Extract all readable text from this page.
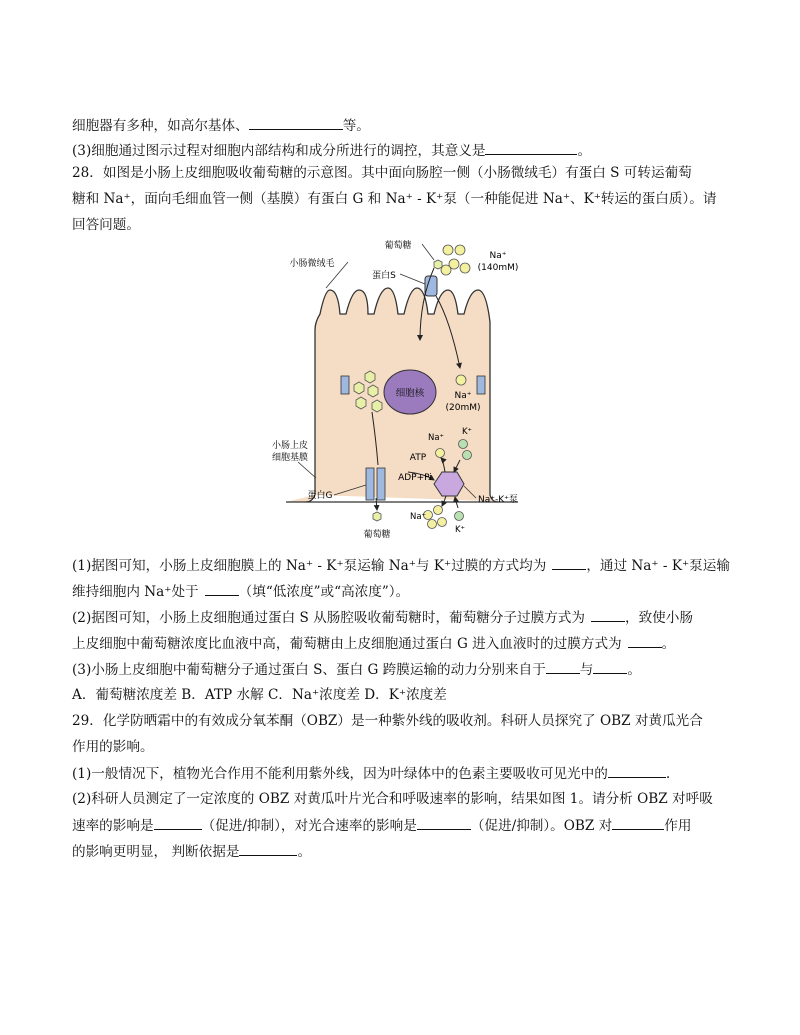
细胞器有多种，如高尔基体、	等。
(3)细胞通过图示过程对细胞内部结构和成分所进行的调控，其意义是	。
28．如图是小肠上皮细胞吸收葡萄糖的示意图。其中面向肠腔一侧（小肠微绒毛）有蛋白 S 可转运葡萄
糖和 Na⁺，面向毛细血管一侧（基膜）有蛋白 G 和 Na⁺ - K⁺泵（一种能促进 Na⁺、K⁺转运的蛋白质）。请
回答问题。
细胞核
葡萄糖
小肠微绒毛
蛋白S
Na⁺
(140mM)
Na⁺
(20mM)
小肠上皮
细胞基膜
Na⁺
K⁺
ATP
ADP+Pi
蛋白G	Na⁺-K⁺泵
葡萄糖
Na⁺
K⁺
(1)据图可知，小肠上皮细胞膜上的 Na⁺ - K⁺泵运输 Na⁺与 K⁺过膜的方式均为	，通过 Na⁺ - K⁺泵运输
维持细胞内 Na⁺处于	（填“低浓度”或“高浓度”）。
(2)据图可知，小肠上皮细胞通过蛋白 S 从肠腔吸收葡萄糖时，葡萄糖分子过膜方式为	，致使小肠
上皮细胞中葡萄糖浓度比血液中高，葡萄糖由上皮细胞通过蛋白 G 进入血液时的过膜方式为	。
(3)小肠上皮细胞中葡萄糖分子通过蛋白 S、蛋白 G 跨膜运输的动力分别来自于	与	。
A．葡萄糖浓度差 B．ATP 水解 C．Na⁺浓度差 D．K⁺浓度差
29．化学防晒霜中的有效成分氧苯酮（OBZ）是一种紫外线的吸收剂。科研人员探究了 OBZ 对黄瓜光合
作用的影响。
(1)一般情况下，植物光合作用不能利用紫外线，因为叶绿体中的色素主要吸收可见光中的	.
(2)科研人员测定了一定浓度的 OBZ 对黄瓜叶片光合和呼吸速率的影响，结果如图 1。请分析 OBZ 对呼吸
速率的影响是	（促进/抑制），对光合速率的影响是	（促进/抑制）。OBZ 对	作用
的影响更明显， 判断依据是	。
